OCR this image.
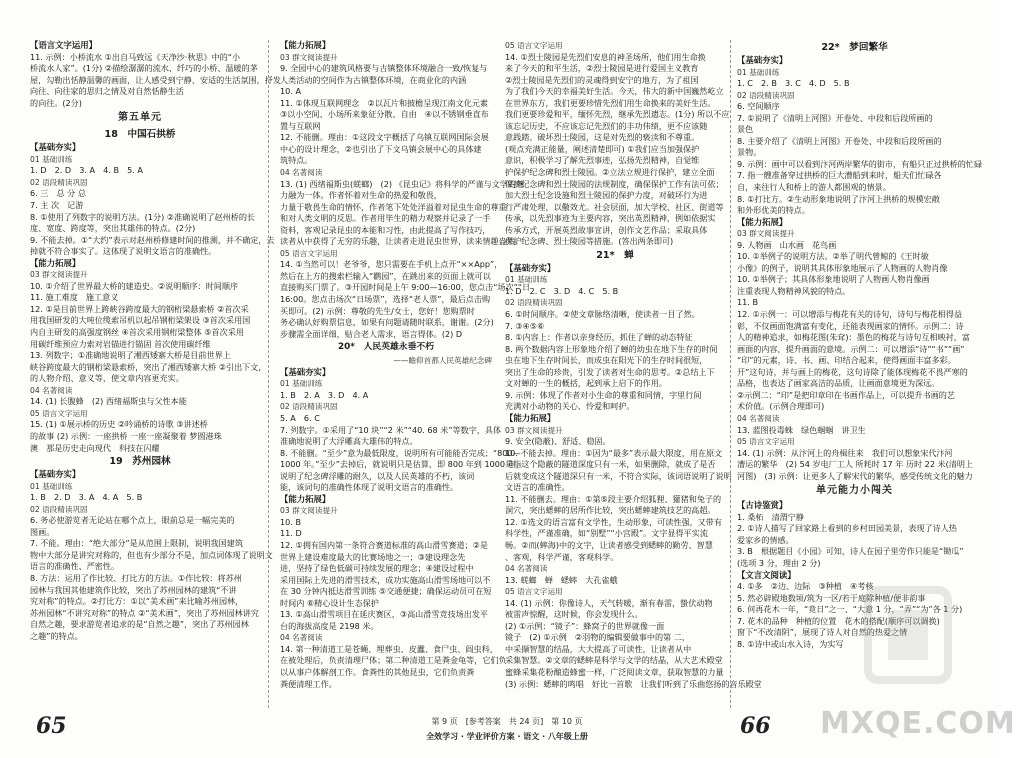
【语言文字运用】
11. 示例：小桥流水 ①出自马致远《天净沙·秋思》中的“小
桥流水人家”。(1分) ②描绘潺潺的流水、纤巧的小桥、温暖的茅
屋，勾勒出恬静温馨的画面，让人感受到宁静、安适的生活氛围，抒发
向往、向往家的思归之情及对自然恬静生活
的向往。(2分)
第五单元
18　中国石拱桥
【基础夯实】
01 基础训练
1. D　2. D　3. A　4. B　5. A
02 语段精读巩固
6. 三　总 分 总
7. 主 次　记游
8. ①使用了列数字的说明方法。(1分) ②准确说明了赵州桥的长
度、宽度、跨度等，突出其雄伟的特点。(2分)
9. 不能去掉。①“大约”表示对赵州桥修建时间的推测，并不确定，去
掉就不符合事实了。这体现了说明文语言的准确性。
【能力拓展】
03 群文阅读提升
10. ①介绍了世界最大桥的建造史。②说明顺序：时间顺序
11. 施工难度　施工意义
12. ①是目前世界上跨峡谷跨度最大的钢桁梁悬索桥 ②首次采
用我国研发的大吨位缆索吊机以起吊钢桁梁架设 ③首次采用国
内自主研发的高强度钢丝 ④首次采用钢桁梁整体 ⑤首次采用
用碳纤维预应力索对岩锚进行锚固 首次使用碳纤维
13. 列数字；①准确地说明了湘西矮寨大桥是目前世界上
峡谷跨度最大的钢桁梁悬索桥，突出了湘西矮寨大桥 ②引出下文，
的人物介绍、意义等，使文章内容更充实。
04 名著阅读
14. (1) 长腹蜂　(2) 西绪福斯虫与父性本能
05 语言文字运用
15. (1) ①展示桥的历史 ②吟诵桥的诗歌 ③讲述桥
的故事 (2) 示例：一座拱桥 一座一座凝聚着 梦圆港珠
澳　那是历史走向现代　科技在闪耀
19　苏州园林
【基础夯实】
01 基础训练
1. B　2. D　3. A　4. A　5. B
02 语段精读巩固
6. 务必使游览者无论站在哪个点上，眼前总是一幅完美的
图画。
7. 不能。理由：“绝大部分”是从范围上限制，说明我国建筑
物中大部分是讲究对称的，但也有少部分不是，加点词体现了说明文
语言的准确性、严密性。
8. 方法：运用了作比较、打比方的方法。①作比较：将苏州
园林与我国其他建筑作比较，突出了苏州园林的建筑“不讲
究对称”的特点。②打比方：①以“美术画”来比喻苏州园林，
苏州园林“不讲究对称”的特点 ②“美术画”，突出了苏州园林讲究
自然之趣，要求游览者追求的是“自然之趣”，突出了苏州园林
之趣”的特点。
【能力拓展】
03 群文阅读提升
9. 全园中心的建筑风格要与古镇整体环境融合一致/恢复与
人类活动的空间作为古镇整体环境，在商业化的内涵
10. A
11. ①体现互联网理念　②以瓦片和披檐呈现江南文化元素
③以小空间、小场所来象征分散、自由　④以不锈钢垂直布
置与互联网
12. 不能删。理由：①这段文字概括了乌镇互联网国际会展
中心的设计理念，②也引出了下文乌镇会展中心的具体建
筑特点。
04 名著阅读
13. (1) 西绪福斯虫(蜣螂)　(2) 《昆虫记》将科学的严谨与文学的魅
力融为一体。作者怀着对生命的热爱和敬畏，
力量于敬畏生命的情怀，作者笔下处处洋溢着对昆虫生命的尊重
和对人类文明的反思。作者用毕生的精力观察并记录了一手
资料，客观记录昆虫的本能和习性，由此提高了写作技巧，
读者从中获得了无穷的乐趣，让读者走进昆虫世界，读来情趣盎然。
05 语言文字运用
14. ①当然可以！老爷爷，您只需要在手机上点开“××App”，
然后在上方的搜索栏输入“鹳园”，在跳出来的页面上就可以
直接购买门票了。③开园时间是上午 9:00—16:00，您点击“场次”“日
16:00。您点击场次“日场票”，选择“老人票”，最后点击购
买即可。(2) 示例：尊敬的先生/女士，您好！您购票时
务必确认好购票信息，如果有问题请随时联系，谢谢。(2分)
步骤需全面详细，贴合老人需求，语言得体。(2) D
20*　人民英雄永垂不朽
——瞻仰首都人民英雄纪念碑
【基础夯实】
01 基础训练
1. B　2. A　3. D　4. A
02 语段精读巩固
5. A　6. C
7. 列数字。①采用了“10 块”“2 米”“40. 68 米”等数字，具体
准确地说明了大浮雕高大雄伟的特点。
8. 不能删。“至少”意为最低限度，说明所有可能能否完成；“800—
1000 年。”至少”去掉后，就说明只是估算，即 800 年到 1000 年，
说明了纪念碑浮雕的耐久，以及人民英雄的不朽，该词
能，该词句的准确性体现了说明文语言的准确性。
【能力拓展】
03 群文阅读提升
10. B
11. D
12. ①拥有国内第一条符合赛道标准的高山滑雪赛道；②是
世界上建设难度最大的比赛场地之一；③建设理念先
进，坚持了绿色低碳可持续发展的理念；④建设过程中
采用国际上先进的滑雪技术，成功实施高山滑雪场地可以不
在 30 分钟内抵达滑雪训练 ⑤交通便捷；确保运动员可在短
时间内 ⑥精心设计生态保护
13. ①高山滑雪项目在延庆赛区，③高山滑雪竞技场出发平
台的海拔高度是 2198 米。
04 名著阅读
14. 第一种清道工是苍蝇、埋葬虫、皮蠹、食尸虫、阎虫科，
在被处理后，负责清理尸体；第二种清道工是粪金龟等，它们负
以从事户体解剖工作。食粪性的其他昆虫，它们负责粪
粪便清理工作。
05 语言文字运用
14. ①烈士陵园是先烈们安息的神圣场所，他们用生命换
来了今天的和平生活，②烈士陵园是进行爱国主义教育
②烈士陵园是先烈们的灵魂得到安宁的地方，为了祖国
为了我们今天的幸福美好生活。今天，伟大的新中国巍然屹立
在世界东方，我们更要珍惜先烈们用生命换来的美好生活。
我们更要珍爱和平，缅怀先烈，继承先烈遗志。(1分) 所以不应
该忘记历史，不应该忘记先烈们的丰功伟绩，更不应该随
意践踏、破坏烈士陵园，这是对先烈的亵渎和不尊重。
(观点充满正能量，阐述清楚即可) ①我们应当加强保护
意识，积极学习了解先烈事迹，弘扬先烈精神，自觉维
护保护纪念碑和烈士陵园。②立法立规进行保护，建立全面
保护纪念碑和烈士陵园的法规制度，确保保护工作有法可依；
加大烈士纪念设施和烈士陵园的保护力度，对破坏行为进
行严肃处理，以儆效尤。社会层面，加大学校、社区、街道等
传承，以先烈事迹为主要内容，突出英烈精神，例如依据实
传承方式，开展英烈故事宣讲，创作文艺作品；采取具体
保护纪念碑、烈士陵园等措施。(答出两条即可)
21*　蝉
【基础夯实】
01 基础训练
1. D　2. C　3. D　4. C　5. B
02 语段精读巩固
6. ①时间顺序。②使文章脉络清晰，使读者一目了然。
7. ③④⑤⑥
8. ①内容上：作者以亲身经历，抓住了蝉的动态特征
8. 两个数据内容上形象地介绍了蝉的幼虫在地下生存的时间
虫在地下生存时间长，而成虫在阳光下的生存时间很短，
突出了生命的珍贵，引发了读者对生命的思考。②总结上下
文对蝉的一生的概括，起到承上启下的作用。
9. 示例：体现了作者对小生命的尊重和同情，字里行间
充满对小动物的关心、怜爱和呵护。
【能力拓展】
03 群文阅读提升
9. 安全(隐蔽)、舒适、稳固。
10. 不能去掉。理由：①因为“最多”表示最大限度，用在原文
是指这个隐蔽的隧道深度只有一米，如果删除，就成了是否
后就变成这个隧道深只有一米，不符合实际，该词语说明了说明
文语言的准确性。
11. 不能删去。理由：①第⑤段主要介绍狐狸、獾猪和兔子的
洞穴，突出蟋蟀的居所作比较，突出蟋蟀建筑技艺的高超。
12. ①选文的语言富有文学性，生动形象，可读性强，又带有
科学性，严谨准确，如“别墅”“小宫殿”。文字显得平实流
畅。②而(蟀海)中的文字，让读者感受到蟋蟀的勤劳、智慧
、客观，科学严谨，客观科学。
04 名著阅读
13. 蜣螂　蝉　蟋蟀　大孔雀蛾
05 语言文字运用
14. (1) 示例：你像诗人，天气转暖，渐有春雷，蛰伏动物
被雷声惊醒，这时候，你会发现什么。
(2) ①示例：“镜子”：蜂窝子的世界就像一面
镜子　(2) ①示例　②羽物的编辑要做事中的第 二，
中采撷智慧的结晶，大大提高了可读性，让读者从中
采集智慧。②文章的蟋蟀是科学与文学的结晶，从大艺术殿堂
蜜蜂采集花粉酿造蜂蜜一样，广泛阅读文章，获取智慧的力量
(3) 示例：蟋蟀的鸣唱　好比一首歌　让我们听到了乐曲悠扬的音乐殿堂
22*　梦回繁华
【基础夯实】
01 基础训练
1. C　2. B　3. C　4. D　5. B
02 语段精读巩固
6. 空间顺序
7. ①说明了《清明上河图》开卷处、中段和后段所画的
景色
8. 主要介绍了《清明上河图》开卷处、中段和后段所画的
景物。
9. 示例：画中可以看到汴河两岸繁华的街市，有船只正过拱桥的忙碌
7. 指一艘准备穿过拱桥的巨大漕船到来时，船夫们忙碌各
自，来往行人和桥上的游人都围观的情景。
8. ①打比方。②生动形象地说明了汴河上拱桥的规模宏敞
和外形优美的特点。
【能力拓展】
03 群文阅读提升
9. 人物画　山水画　花鸟画
10. ①举例子的说明方法。②举了明代曾鲸的《王时敏
小像》的例子，说明其具体形象地展示了人物画的人物肖像
10. ①举例子；其具体形象地说明了人物画人物肖像画
注重表现人物精神风貌的特点。
11. B
12. ①示例一：可以增添与梅花有关的诗句，诗句与梅花相得益
彰，不仅画面饱满富有变化，还能表现画家的情怀。示例二：诗
人的精神追求，如梅花图(朱耷)：墨色的梅花与诗句互相映衬，富
画面的内容，提升画面的意境。示例二：可以增添“诗”“书”“画”
“印”的元素，诗、书、画、印结合起来，使得画面丰富多彩。
开”这句诗，并与画上的梅花，这句诗除了能体现梅花不畏严寒的
品格，也表达了画家高洁的品质，让画面意境更为深远。
②示例二：“印”是把印章印在书画作品上，可以提升书画的艺
术价值。(示例合理即可)
04 名著阅读
13. 蓝图投毒蛛　绿色蝈蝈　讲卫生
05 语言文字运用
14. (1) 示例：从汴河上的舟楫往来　我们可以想象宋代汴河
漕运的繁华　(2) 54 岁电厂工人 所耗时 17 年 历时 22 米(清明上
河图)　(3) 示例：让更多人了解宋代的繁华，感受传统文化的魅力
单元能力小闯关
【古诗鉴赏】
1. 桑柘　清渭宁静
2. ①诗人描写了回家路上看到的乡村田园美景，表现了诗人热
爱家乡的情感。
3. B　根据题目《小园》可知，诗人在园子里劳作只能是“锄瓜”
(选项 3 分，理由 2 分)
【文言文阅读】
4. ①多　②边、边际　③种植　④考核
5. 然必辟殿地数顷/筑为一区/若于庭除种植/便非韵事
6. 何再花木一年，“竟日”之一、“大意 1 分，“弄”“为”各 1 分)
7. 花木的品种　种植的位置　花木的搭配(顺序可以调换)
窗下“不改清阴”，展现了诗人对自然的热爱之情
8. ①诗中或山水入诗，为实写
65	66
第 9 页　[参考答案　共 24 页]　第 10 页
全效学习 · 学业评价方案 · 语文 · 八年级上册	MXQE.COM
